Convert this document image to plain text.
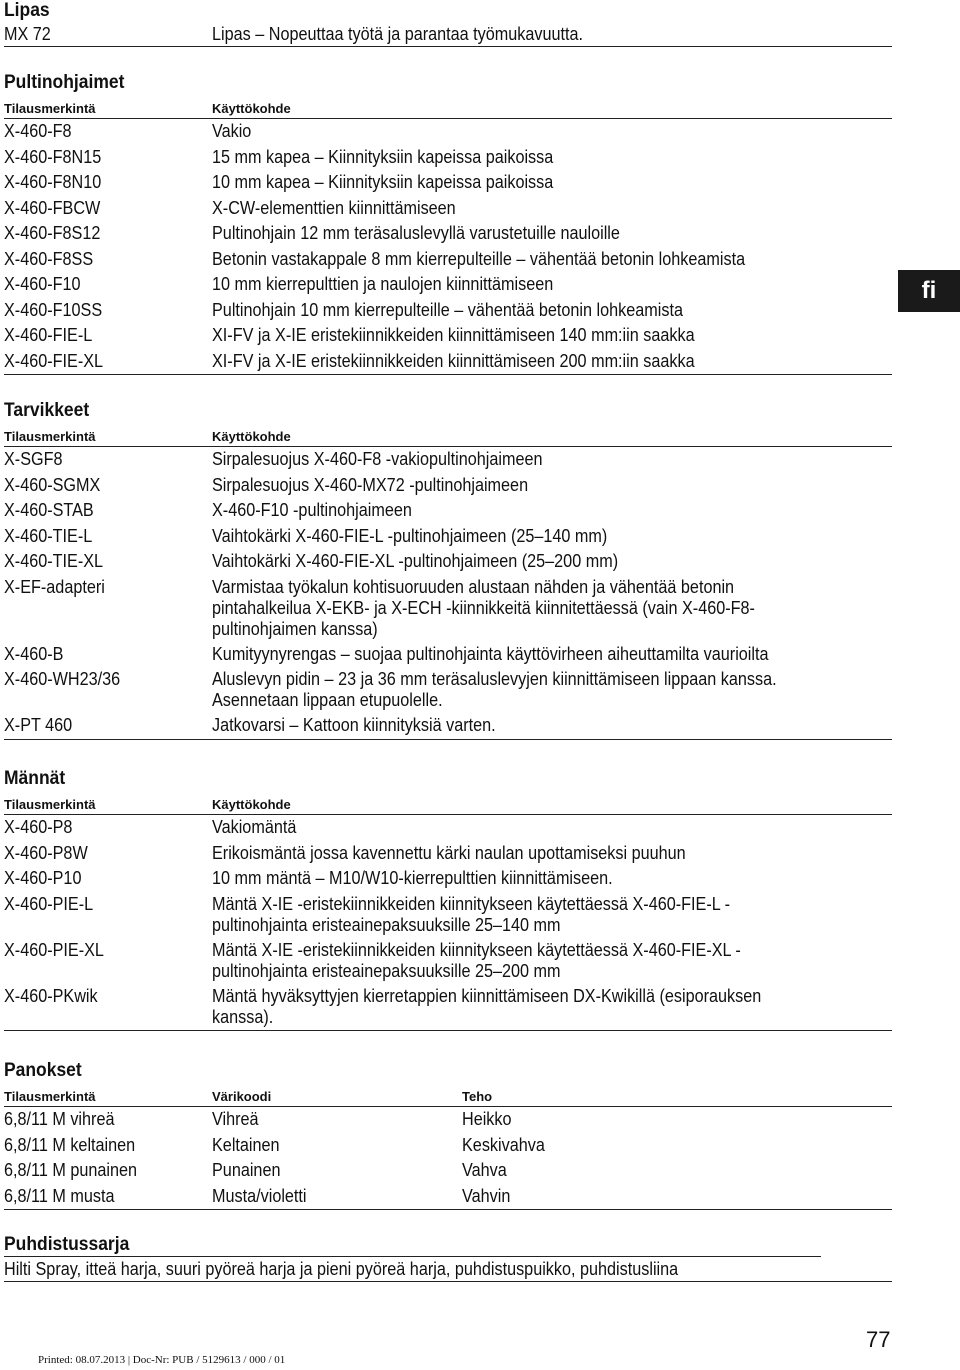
Lipas
MX 72	Lipas – Nopeuttaa työtä ja parantaa työmukavuutta.
Pultinohjaimet
Tilausmerkintä	Käyttökohde
X-460-F8	Vakio
X-460-F8N15	15 mm kapea – Kiinnityksiin kapeissa paikoissa
X-460-F8N10	10 mm kapea – Kiinnityksiin kapeissa paikoissa
X-460-FBCW	X-CW-elementtien kiinnittämiseen
X-460-F8S12	Pultinohjain 12 mm teräsaluslevyllä varustetuille nauloille
X-460-F8SS	Betonin vastakappale 8 mm kierrepulteille – vähentää betonin lohkeamista
X-460-F10	10 mm kierrepulttien ja naulojen kiinnittämiseen
X-460-F10SS	Pultinohjain 10 mm kierrepulteille – vähentää betonin lohkeamista
X-460-FIE-L	XI-FV ja X-IE eristekiinnikkeiden kiinnittämiseen 140 mm:iin saakka
X-460-FIE-XL	XI-FV ja X-IE eristekiinnikkeiden kiinnittämiseen 200 mm:iin saakka
Tarvikkeet
Tilausmerkintä	Käyttökohde
X-SGF8	Sirpalesuojus X-460-F8 -vakiopultinohjaimeen
X-460-SGMX	Sirpalesuojus X-460-MX72 -pultinohjaimeen
X-460-STAB	X-460-F10 -pultinohjaimeen
X-460-TIE-L	Vaihtokärki X-460-FIE-L -pultinohjaimeen (25–140 mm)
X-460-TIE-XL	Vaihtokärki X-460-FIE-XL -pultinohjaimeen (25–200 mm)
X-EF-adapteri	Varmistaa työkalun kohtisuoruuden alustaan nähden ja vähentää betonin pintahalkeilua X-EKB- ja X-ECH -kiinnikkeitä kiinnitettäessä (vain X-460-F8-pultinohjaimen kanssa)
X-460-B	Kumityynyrengas – suojaa pultinohjainta käyttövirheen aiheuttamilta vaurioilta
X-460-WH23/36	Aluslevyn pidin – 23 ja 36 mm teräsaluslevyjen kiinnittämiseen lippaan kanssa. Asennetaan lippaan etupuolelle.
X-PT 460	Jatkovarsi – Kattoon kiinnityksiä varten.
Männät
Tilausmerkintä	Käyttökohde
X-460-P8	Vakiomäntä
X-460-P8W	Erikoismäntä jossa kavennettu kärki naulan upottamiseksi puuhun
X-460-P10	10 mm mäntä – M10/W10-kierrepulttien kiinnittämiseen.
X-460-PIE-L	Mäntä X-IE -eristekiinnikkeiden kiinnitykseen käytettäessä X-460-FIE-L -pultinohjainta eristeainepaksuuksille 25–140 mm
X-460-PIE-XL	Mäntä X-IE -eristekiinnikkeiden kiinnitykseen käytettäessä X-460-FIE-XL -pultinohjainta eristeainepaksuuksille 25–200 mm
X-460-PKwik	Mäntä hyväksyttyjen kierretappien kiinnittämiseen DX-Kwikillä (esiporauksen kanssa).
Panokset
Tilausmerkintä	Värikoodi	Teho
6,8/11 M vihreä	Vihreä	Heikko
6,8/11 M keltainen	Keltainen	Keskivahva
6,8/11 M punainen	Punainen	Vahva
6,8/11 M musta	Musta/violetti	Vahvin
Puhdistussarja
Hilti Spray, itteä harja, suuri pyöreä harja ja pieni pyöreä harja, puhdistuspuikko, puhdistusliina
fi
77
Printed: 08.07.2013 | Doc-Nr: PUB / 5129613 / 000 / 01
